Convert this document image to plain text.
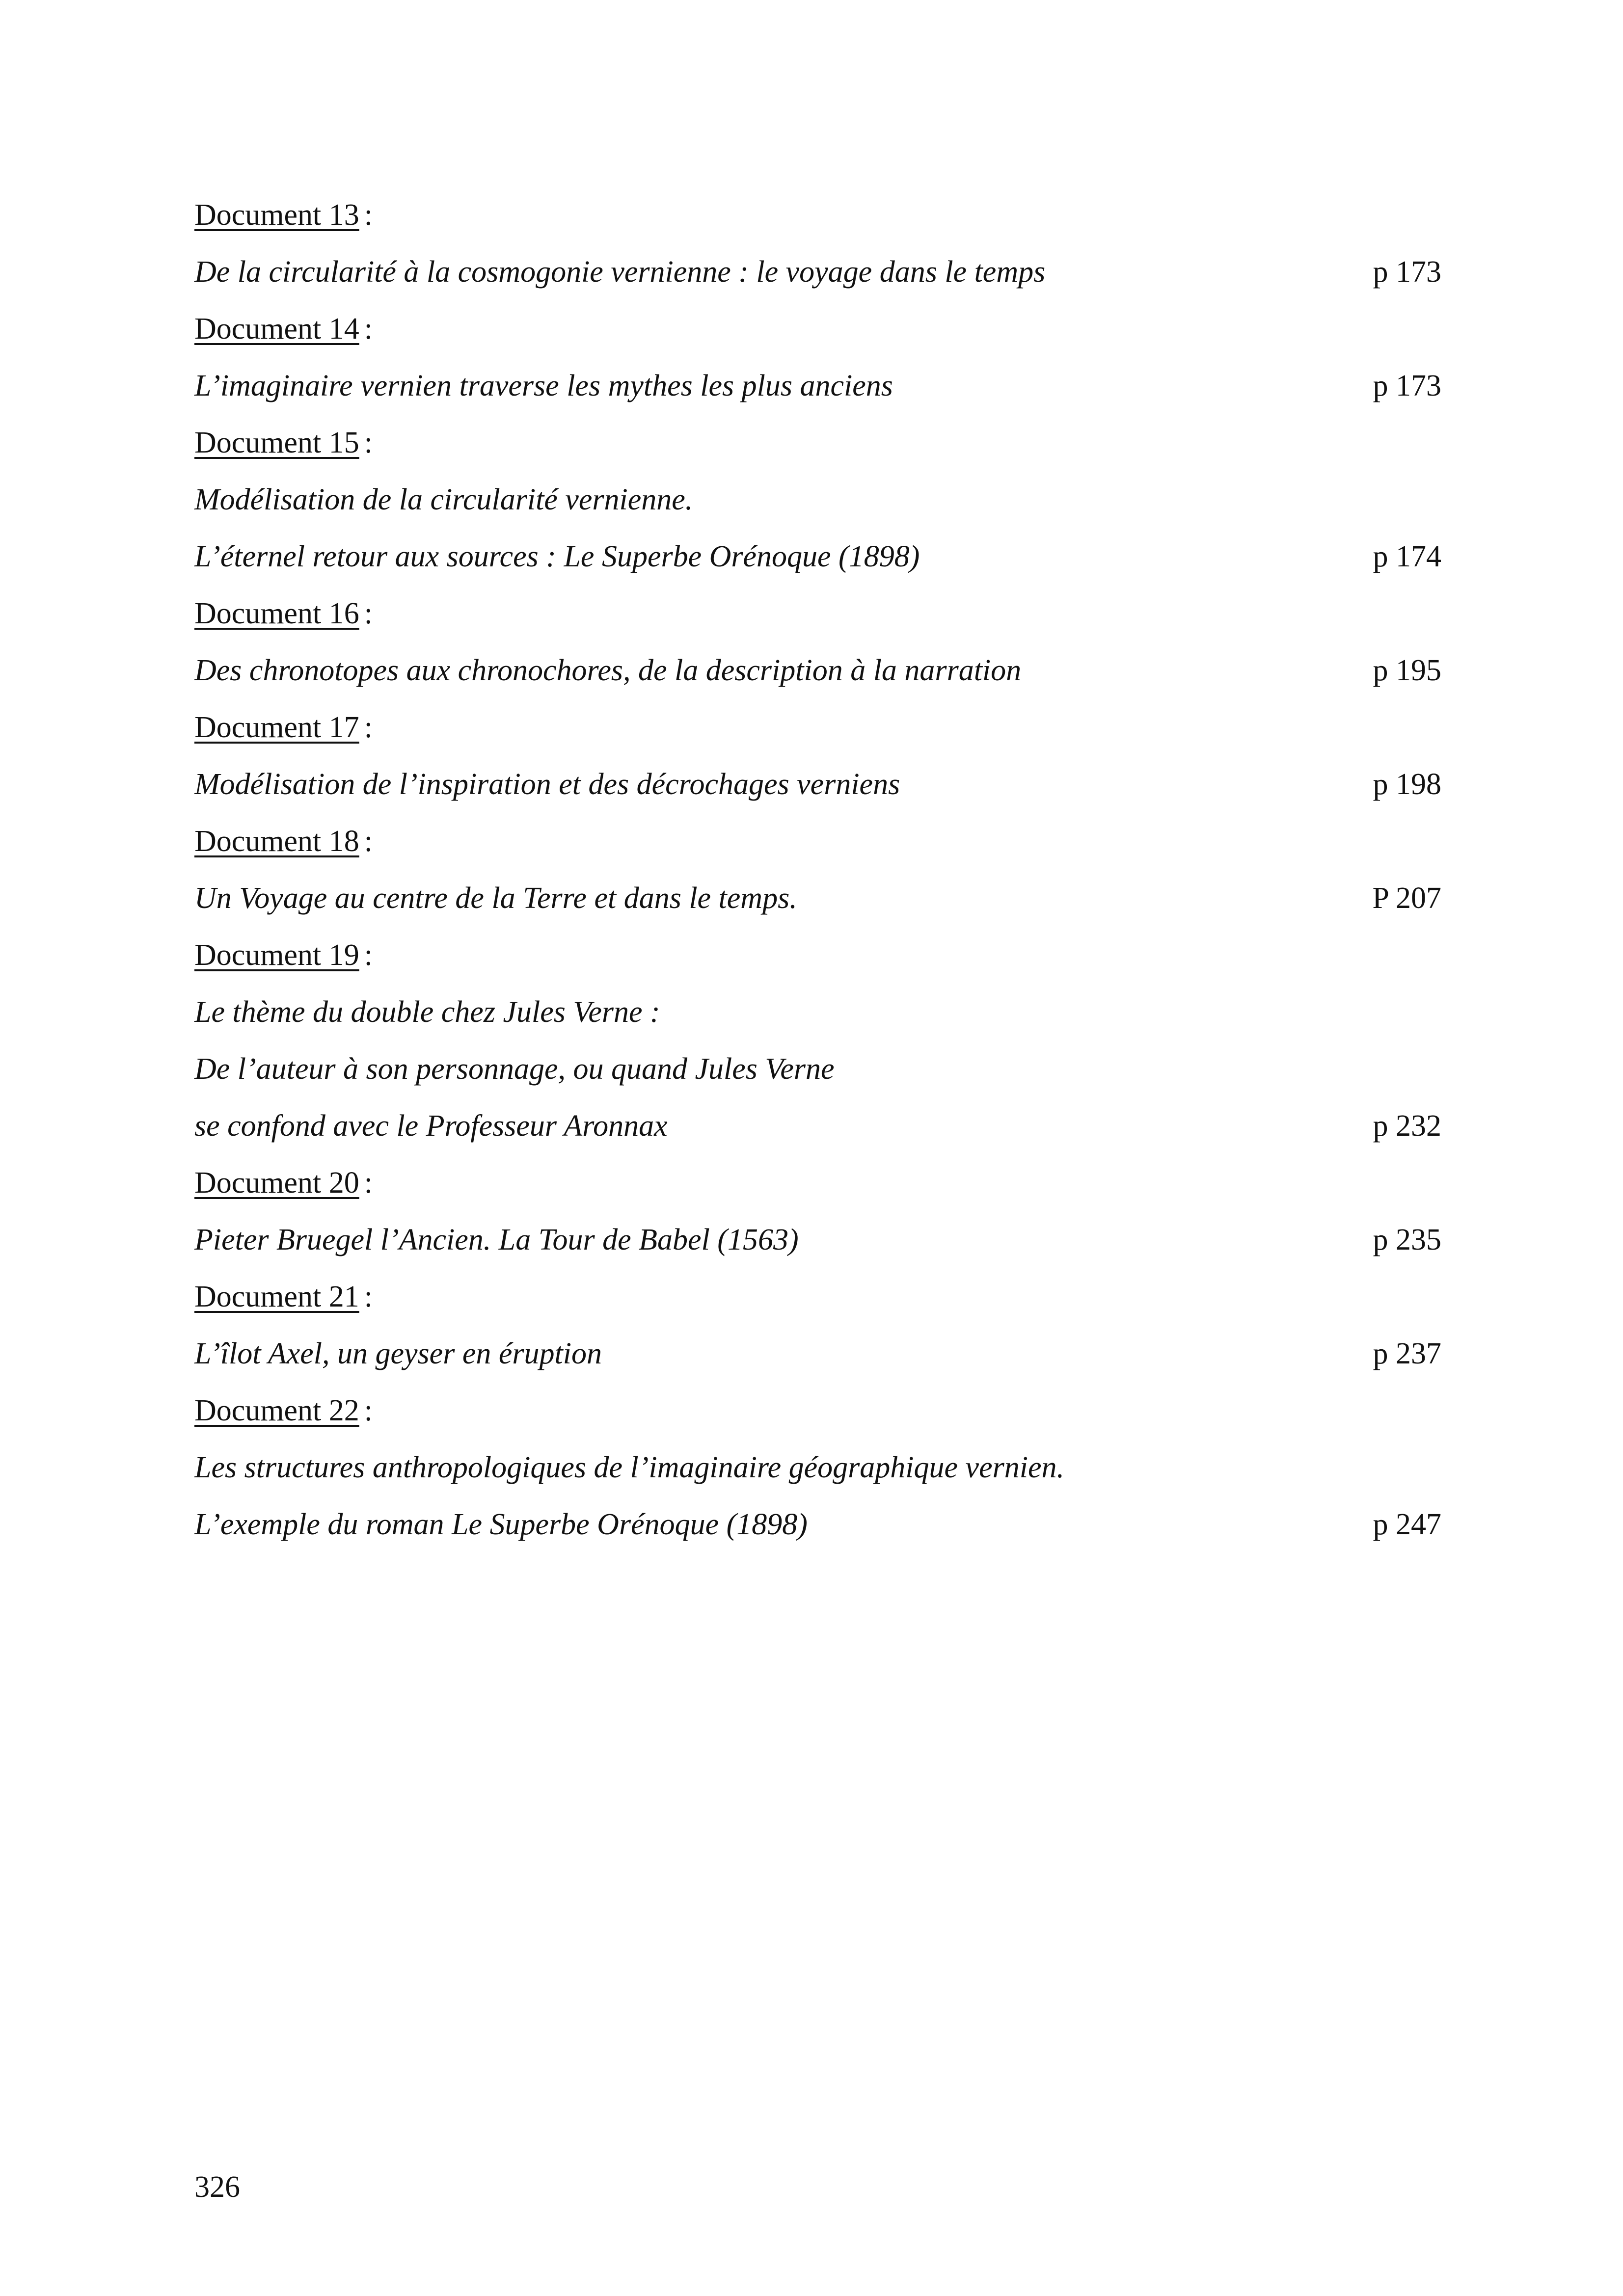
Document 13 :
De la circularité à la cosmogonie vernienne : le voyage dans le temps	p 173
Document 14 :
L’imaginaire vernien traverse les mythes les plus anciens	p 173
Document 15 :
Modélisation de la circularité vernienne.
L’éternel retour aux sources : Le Superbe Orénoque (1898)	p 174
Document 16 :
Des chronotopes aux chronochores, de la description à la narration	p 195
Document 17 :
Modélisation de l’inspiration et des décrochages verniens	p 198
Document 18 :
Un Voyage au centre de la Terre et dans le temps.	P 207
Document 19 :
Le thème du double chez Jules Verne :
De l’auteur à son personnage, ou quand Jules Verne
se confond avec le Professeur Aronnax	p 232
Document 20 :
Pieter Bruegel l’Ancien. La Tour de Babel (1563)	p 235
Document 21 :
L’îlot Axel, un geyser en éruption	p 237
Document 22 :
Les structures anthropologiques de l’imaginaire géographique vernien.
L’exemple du roman Le Superbe Orénoque (1898)	p 247
326
